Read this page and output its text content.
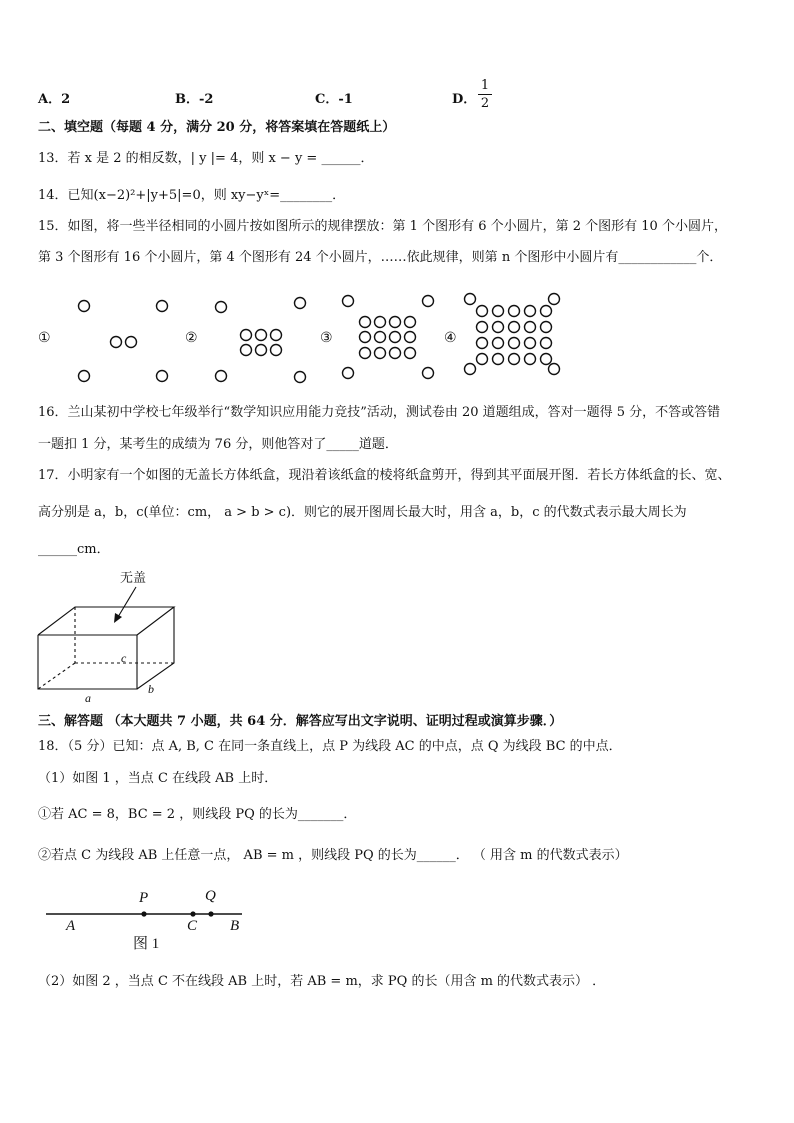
A．2	B．-2	C．-1	D． $\frac{1}{2}$
二、填空题（每题 4 分，满分 20 分，将答案填在答题纸上）
13．若 x 是 2 的相反数，| y |= 4，则 x − y = ______．
14．已知(x−2)²+|y+5|=0，则 xy−yˣ=________．
15．如图，将一些半径相同的小圆片按如图所示的规律摆放：第 1 个图形有 6 个小圆片，第 2 个图形有 10 个小圆片，
第 3 个图形有 16 个小圆片，第 4 个图形有 24 个小圆片，……依此规律，则第 n 个图形中小圆片有____________个．
①	②	③	④
16．兰山某初中学校七年级举行“数学知识应用能力竞技”活动，测试卷由 20 道题组成，答对一题得 5 分，不答或答错
一题扣 1 分，某考生的成绩为 76 分，则他答对了_____道题．
17．小明家有一个如图的无盖长方体纸盒，现沿着该纸盒的棱将纸盒剪开，得到其平面展开图．若长方体纸盒的长、宽、
高分别是 a，b，c(单位：cm， a > b > c)．则它的展开图周长最大时，用含 a，b，c 的代数式表示最大周长为
______cm．
无盖
c
a
b
三、解答题 （本大题共 7 小题，共 64 分．解答应写出文字说明、证明过程或演算步骤．）
18．（5 分）已知：点 A, B, C 在同一条直线上，点 P 为线段 AC 的中点，点 Q 为线段 BC 的中点．
（1）如图 1 ，当点 C 在线段 AB 上时．
①若 AC = 8，BC = 2 ，则线段 PQ 的长为_______．
②若点 C 为线段 AB 上任意一点， AB = m ，则线段 PQ 的长为______． （ 用含 m 的代数式表示）
P	Q
A	C B
图 1
（2）如图 2 ，当点 C 不在线段 AB 上时，若 AB = m，求 PQ 的长（用含 m 的代数式表示） ．
